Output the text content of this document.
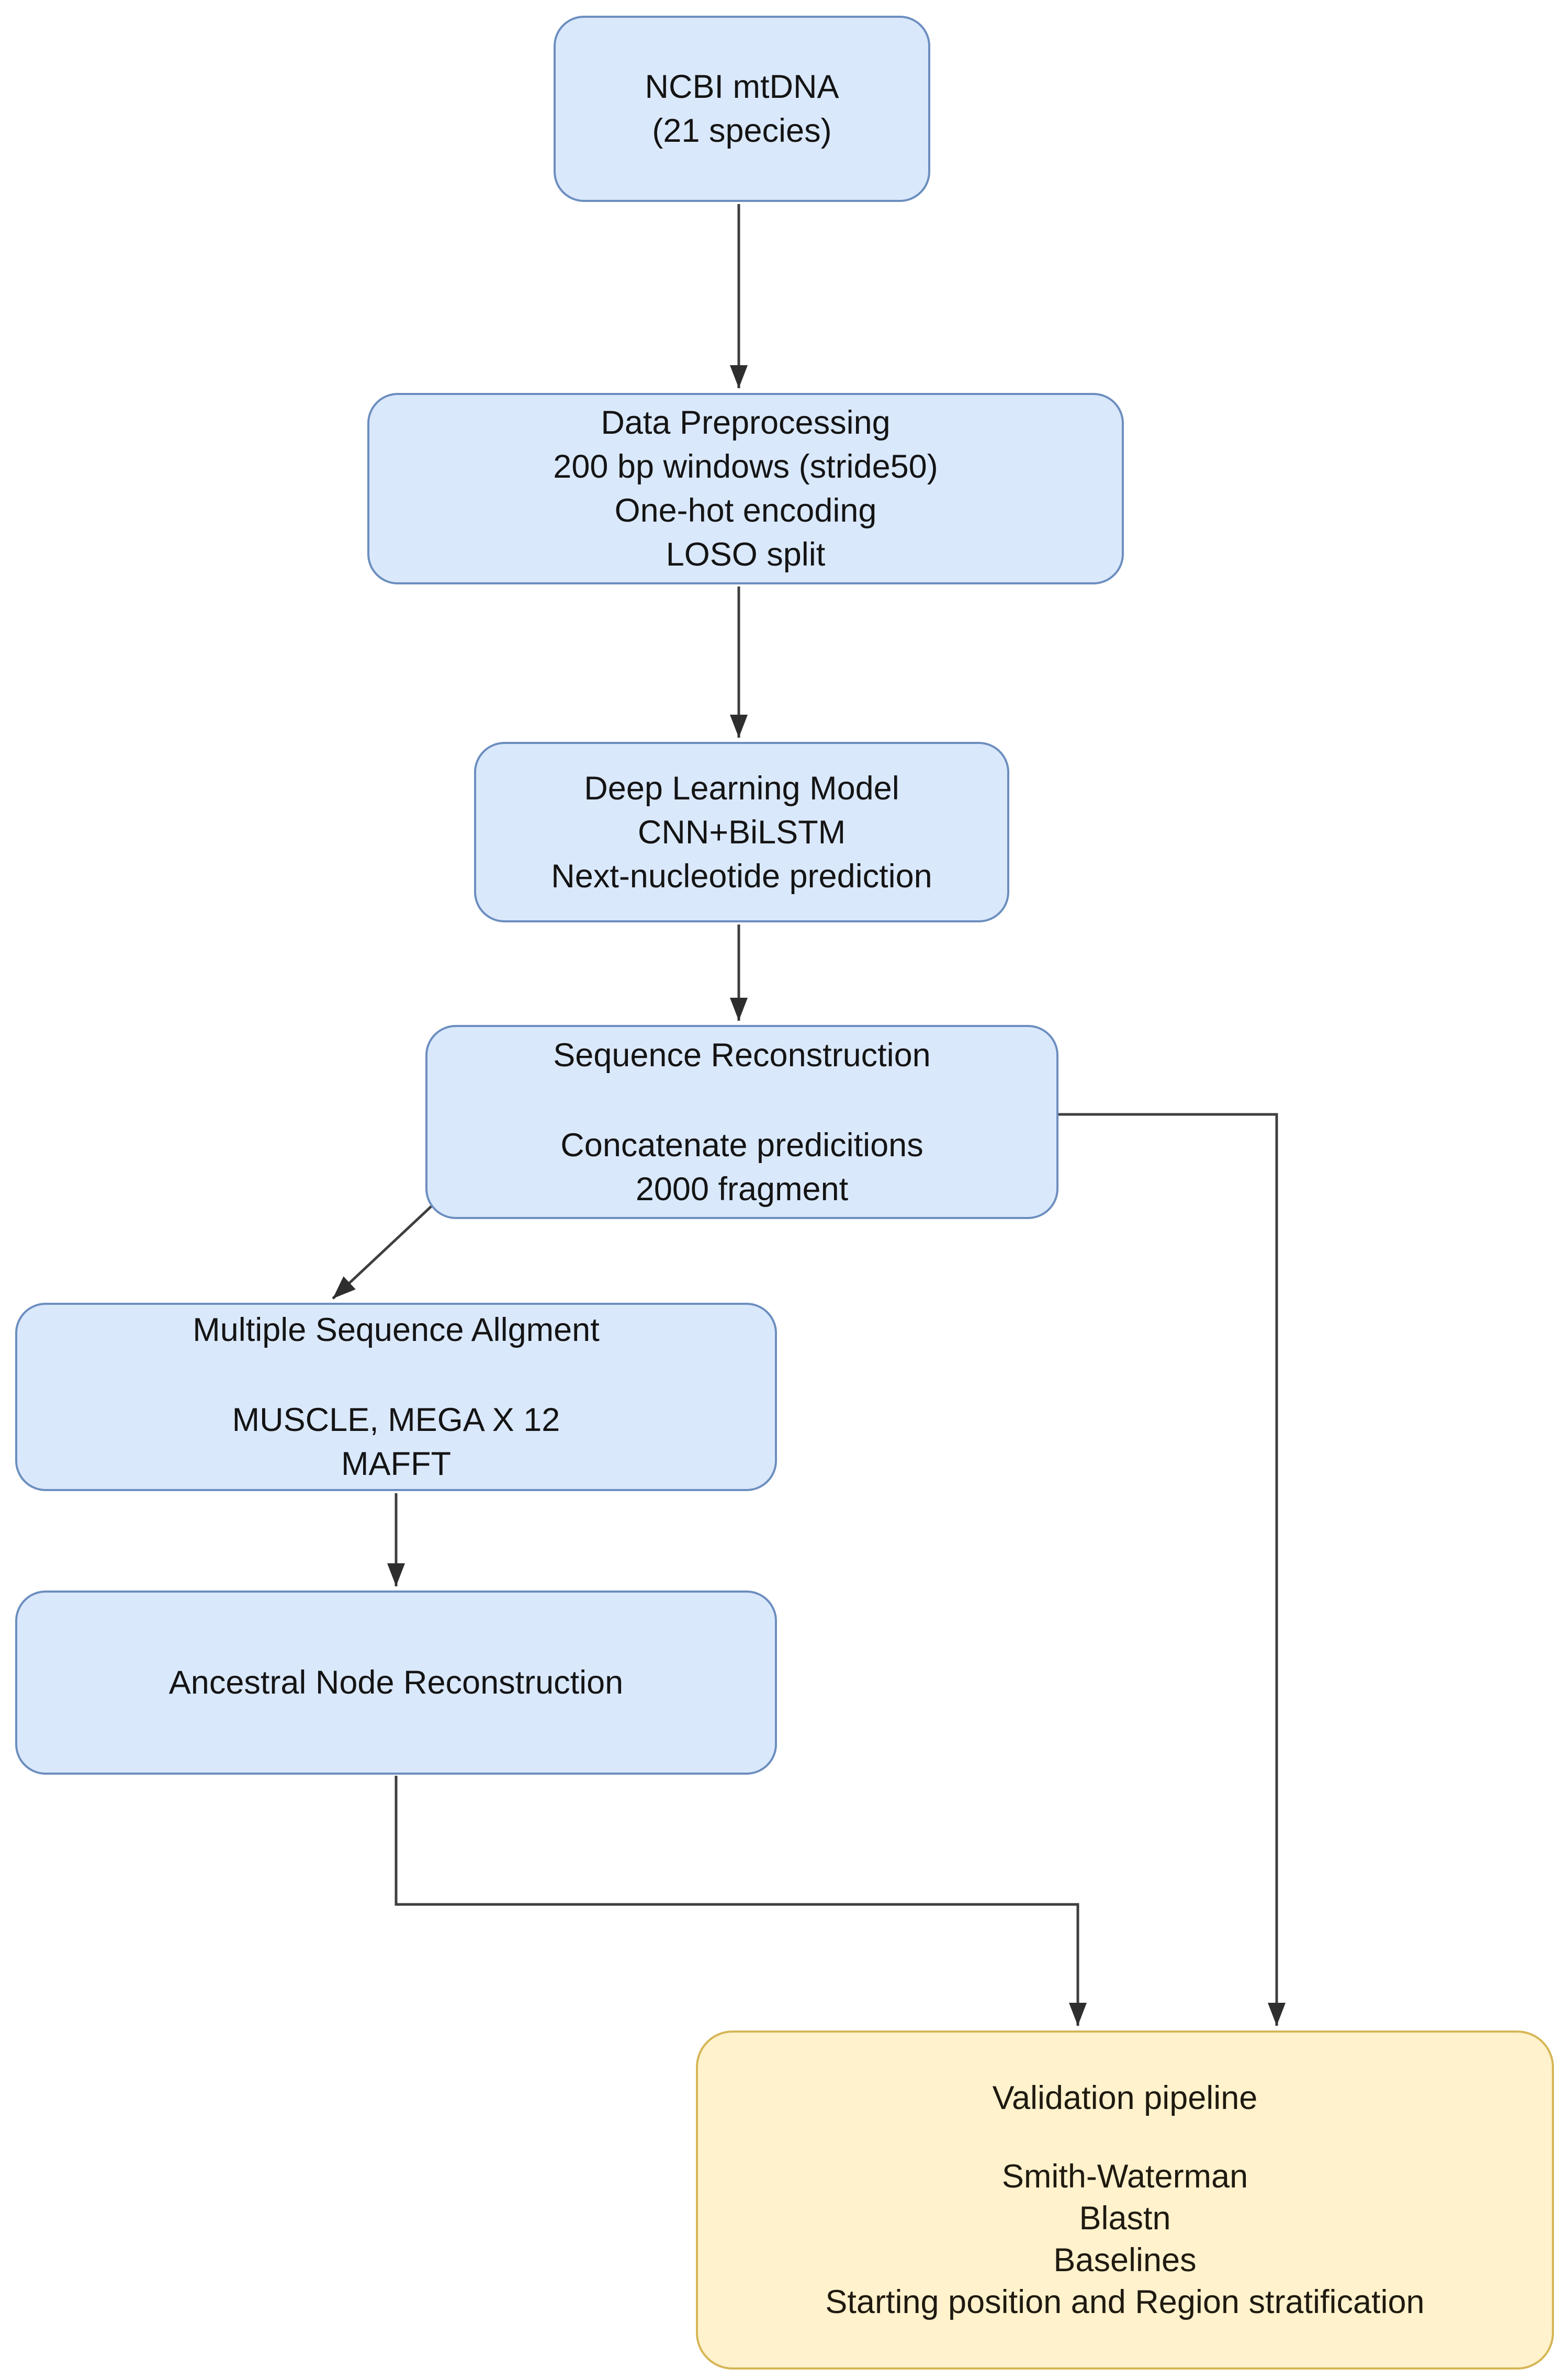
NCBI mtDNA
(21 species)
Data Preprocessing
200 bp windows (stride50)
One-hot encoding
LOSO split
Deep Learning Model
CNN+BiLSTM
Next-nucleotide prediction
Sequence Reconstruction
Concatenate predicitions
2000 fragment
Multiple Sequence Allgment
MUSCLE, MEGA X 12
MAFFT
Ancestral Node Reconstruction
Validation pipeline
Smith-Waterman
Blastn
Baselines
Starting position and Region stratification
